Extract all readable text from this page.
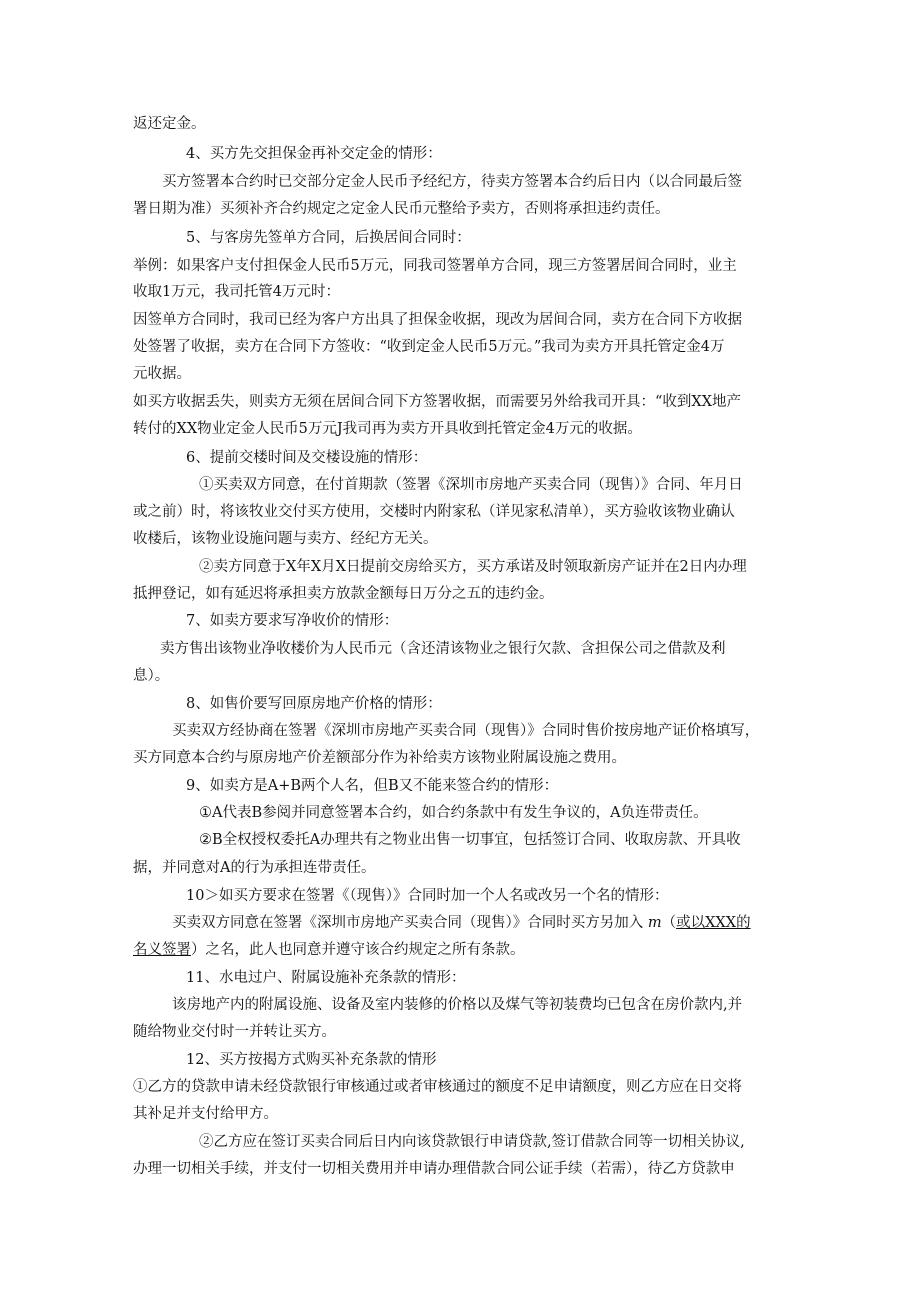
返还定金。

4、买方先交担保金再补交定金的情形：

买方签署本合约时已交部分定金人民币予经纪方，待卖方签署本合约后日内（以合同最后签

署日期为准）买须补齐合约规定之定金人民币元整给予卖方，否则将承担违约责任。

5、与客房先签单方合同，后换居间合同时：

举例：如果客户支付担保金人民币5万元，同我司签署单方合同，现三方签署居间合同时，业主

收取1万元，我司托管4万元时：

因签单方合同时，我司已经为客户方出具了担保金收据，现改为居间合同，卖方在合同下方收据

处签署了收据，卖方在合同下方签收：“收到定金人民币5万元。”我司为卖方开具托管定金4万

元收据。

如买方收据丢失，则卖方无须在居间合同下方签署收据，而需要另外给我司开具：“收到XX地产

转付的XX物业定金人民币5万元J我司再为卖方开具收到托管定金4万元的收据。

6、提前交楼时间及交楼设施的情形：

①买卖双方同意，在付首期款（签署《深圳市房地产买卖合同（现售）》合同、年月日

或之前）时，将该牧业交付买方使用，交楼时内附家私（详见家私清单），买方验收该物业确认

收楼后，该物业设施问题与卖方、经纪方无关。

②卖方同意于X年X月X日提前交房给买方，买方承诺及时领取新房产证并在2日内办理

抵押登记，如有延迟将承担卖方放款金额每日万分之五的违约金。

7、如卖方要求写净收价的情形：

卖方售出该物业净收楼价为人民币元（含还清该物业之银行欠款、含担保公司之借款及利

息）。

8、如售价要写回原房地产价格的情形：

买卖双方经协商在签署《深圳市房地产买卖合同（现售）》合同时售价按房地产证价格填写，

买方同意本合约与原房地产价差额部分作为补给卖方该物业附属设施之费用。

9、如卖方是A+B两个人名，但B又不能来签合约的情形：

①A代表B参阅并同意签署本合约，如合约条款中有发生争议的，A负连带责任。

②B全权授权委托A办理共有之物业出售一切事宜，包括签订合同、收取房款、开具收

据，并同意对A的行为承担连带责任。

10＞如买方要求在签署《（现售）》合同时加一个人名或改另一个名的情形：

买卖双方同意在签署《深圳市房地产买卖合同（现售）》合同时买方另加入 m（或以XXX的

名义签署）之名，此人也同意并遵守该合约规定之所有条款。

11、水电过户、附属设施补充条款的情形：

该房地产内的附属设施、设备及室内装修的价格以及煤气等初装费均已包含在房价款内,并

随给物业交付时一并转让买方。

12、买方按揭方式购买补充条款的情形

①乙方的贷款申请未经贷款银行审核通过或者审核通过的额度不足申请额度，则乙方应在日交将

其补足并支付给甲方。

②乙方应在签订买卖合同后日内向该贷款银行申请贷款,签订借款合同等一切相关协议,

办理一切相关手续，并支付一切相关费用并申请办理借款合同公证手续（若需），待乙方贷款申
